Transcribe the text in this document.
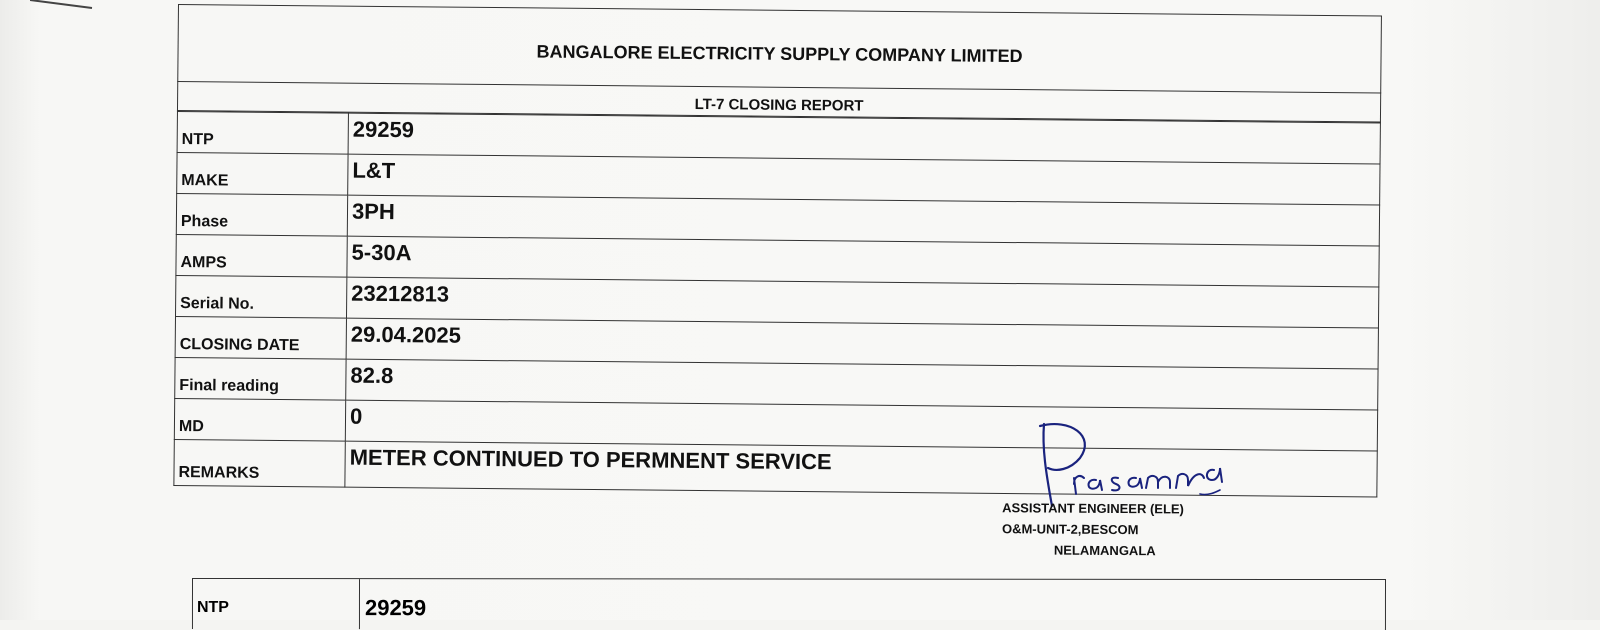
BANGALORE ELECTRICITY SUPPLY COMPANY LIMITED
LT-7 CLOSING REPORT
NTP	29259
MAKE	L&T
Phase	3PH
AMPS	5-30A
Serial No.	23212813
CLOSING DATE	29.04.2025
Final reading	82.8
MD	0
REMARKS	METER CONTINUED TO PERMNENT SERVICE
ASSISTANT ENGINEER (ELE)
O&M-UNIT-2,BESCOM
NELAMANGALA
NTP	29259
